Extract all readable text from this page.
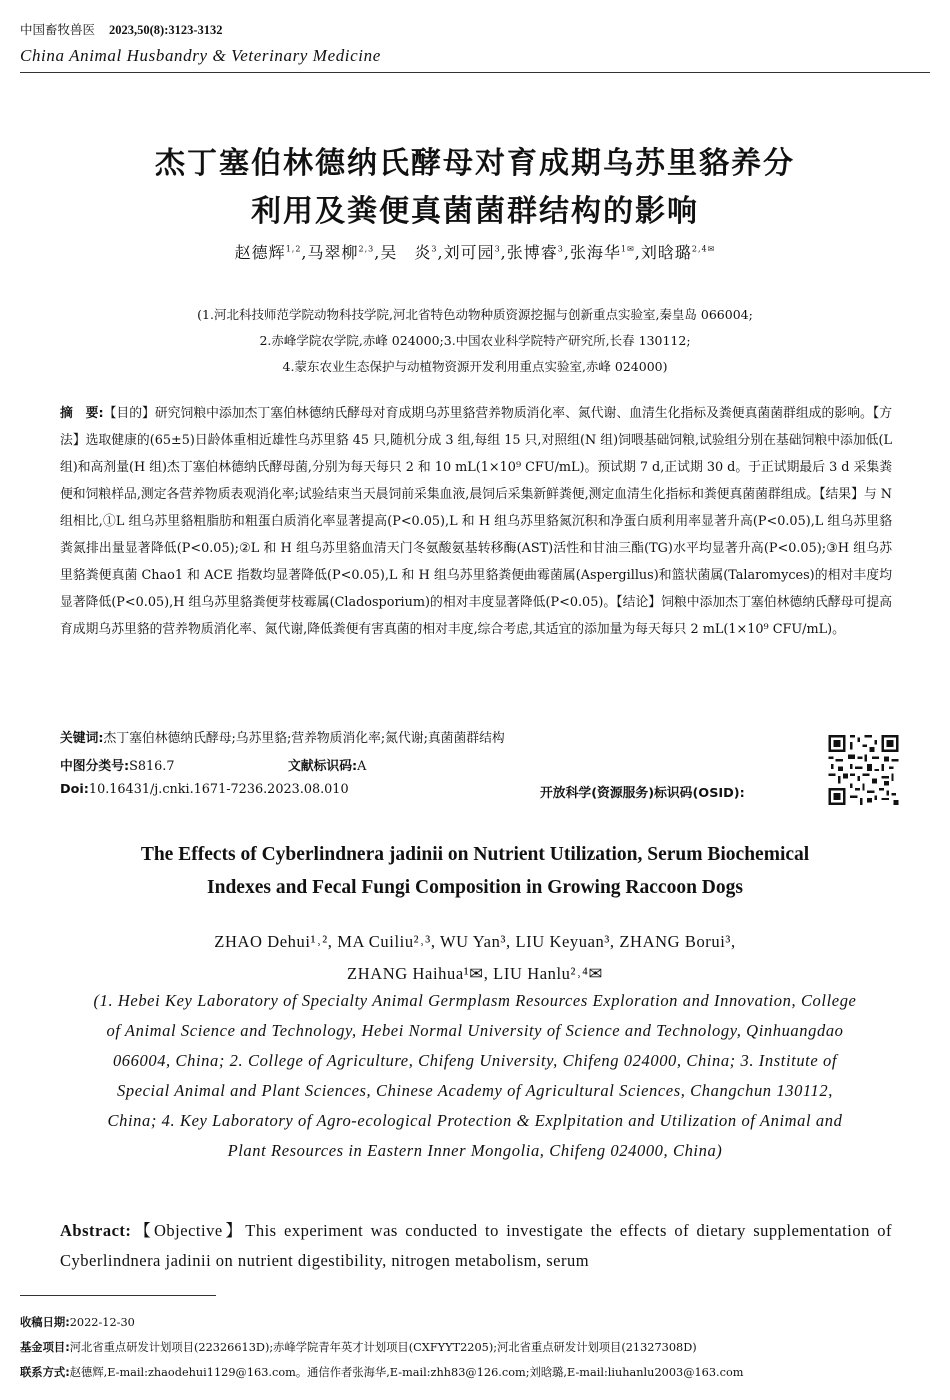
中国畜牧兽医 2023,50(8):3123-3132
China Animal Husbandry & Veterinary Medicine
杰丁塞伯林德纳氏酵母对育成期乌苏里貉养分
利用及粪便真菌菌群结构的影响
赵德辉$^{1,2}$,马翠柳$^{2,3}$,吴　炎$^3$,刘可园$^3$,张博睿$^3$,张海华$^{1✉}$,刘晗璐$^{2,4✉}$
(1.河北科技师范学院动物科技学院,河北省特色动物种质资源挖掘与创新重点实验室,秦皇岛 066004;
2.赤峰学院农学院,赤峰 024000;3.中国农业科学院特产研究所,长春 130112;
4.蒙东农业生态保护与动植物资源开发利用重点实验室,赤峰 024000)
摘　要:【目的】研究饲粮中添加杰丁塞伯林德纳氏酵母对育成期乌苏里貉营养物质消化率、氮代谢、血清生化指标及粪便真菌菌群组成的影响。【方法】选取健康的(65±5)日龄体重相近雄性乌苏里貉 45 只,随机分成 3 组,每组 15 只,对照组(N 组)饲喂基础饲粮,试验组分别在基础饲粮中添加低(L 组)和高剂量(H 组)杰丁塞伯林德纳氏酵母菌,分别为每天每只 2 和 10 mL(1×10⁹ CFU/mL)。预试期 7 d,正试期 30 d。于正试期最后 3 d 采集粪便和饲粮样品,测定各营养物质表观消化率;试验结束当天晨饲前采集血液,晨饲后采集新鲜粪便,测定血清生化指标和粪便真菌菌群组成。【结果】与 N 组相比,①L 组乌苏里貉粗脂肪和粗蛋白质消化率显著提高(P<0.05),L 和 H 组乌苏里貉氮沉积和净蛋白质利用率显著升高(P<0.05),L 组乌苏里貉粪氮排出量显著降低(P<0.05);②L 和 H 组乌苏里貉血清天门冬氨酸氨基转移酶(AST)活性和甘油三酯(TG)水平均显著升高(P<0.05);③H 组乌苏里貉粪便真菌 Chao1 和 ACE 指数均显著降低(P<0.05),L 和 H 组乌苏里貉粪便曲霉菌属(Aspergillus)和篮状菌属(Talaromyces)的相对丰度均显著降低(P<0.05),H 组乌苏里貉粪便芽枝霉属(Cladosporium)的相对丰度显著降低(P<0.05)。【结论】饲粮中添加杰丁塞伯林德纳氏酵母可提高育成期乌苏里貉的营养物质消化率、氮代谢,降低粪便有害真菌的相对丰度,综合考虑,其适宜的添加量为每天每只 2 mL(1×10⁹ CFU/mL)。
关键词:杰丁塞伯林德纳氏酵母;乌苏里貉;营养物质消化率;氮代谢;真菌菌群结构
中图分类号:S816.7	文献标识码:A
Doi:10.16431/j.cnki.1671-7236.2023.08.010	开放科学(资源服务)标识码(OSID):
The Effects of Cyberlindnera jadinii on Nutrient Utilization, Serum Biochemical
Indexes and Fecal Fungi Composition in Growing Raccoon Dogs
ZHAO Dehui¹˒², MA Cuiliu²˒³, WU Yan³, LIU Keyuan³, ZHANG Borui³,
ZHANG Haihua¹✉, LIU Hanlu²˒⁴✉
(1. Hebei Key Laboratory of Specialty Animal Germplasm Resources Exploration and Innovation, College of Animal Science and Technology, Hebei Normal University of Science and Technology, Qinhuangdao 066004, China; 2. College of Agriculture, Chifeng University, Chifeng 024000, China; 3. Institute of Special Animal and Plant Sciences, Chinese Academy of Agricultural Sciences, Changchun 130112, China; 4. Key Laboratory of Agro-ecological Protection & Explpitation and Utilization of Animal and Plant Resources in Eastern Inner Mongolia, Chifeng 024000, China)
Abstract:【Objective】This experiment was conducted to investigate the effects of dietary supplementation of Cyberlindnera jadinii on nutrient digestibility, nitrogen metabolism, serum
收稿日期:2022-12-30
基金项目:河北省重点研发计划项目(22326613D);赤峰学院青年英才计划项目(CXFYYT2205);河北省重点研发计划项目(21327308D)
联系方式:赵德辉,E-mail:zhaodehui1129@163.com。通信作者张海华,E-mail:zhh83@126.com;刘晗璐,E-mail:liuhanlu2003@163.com
